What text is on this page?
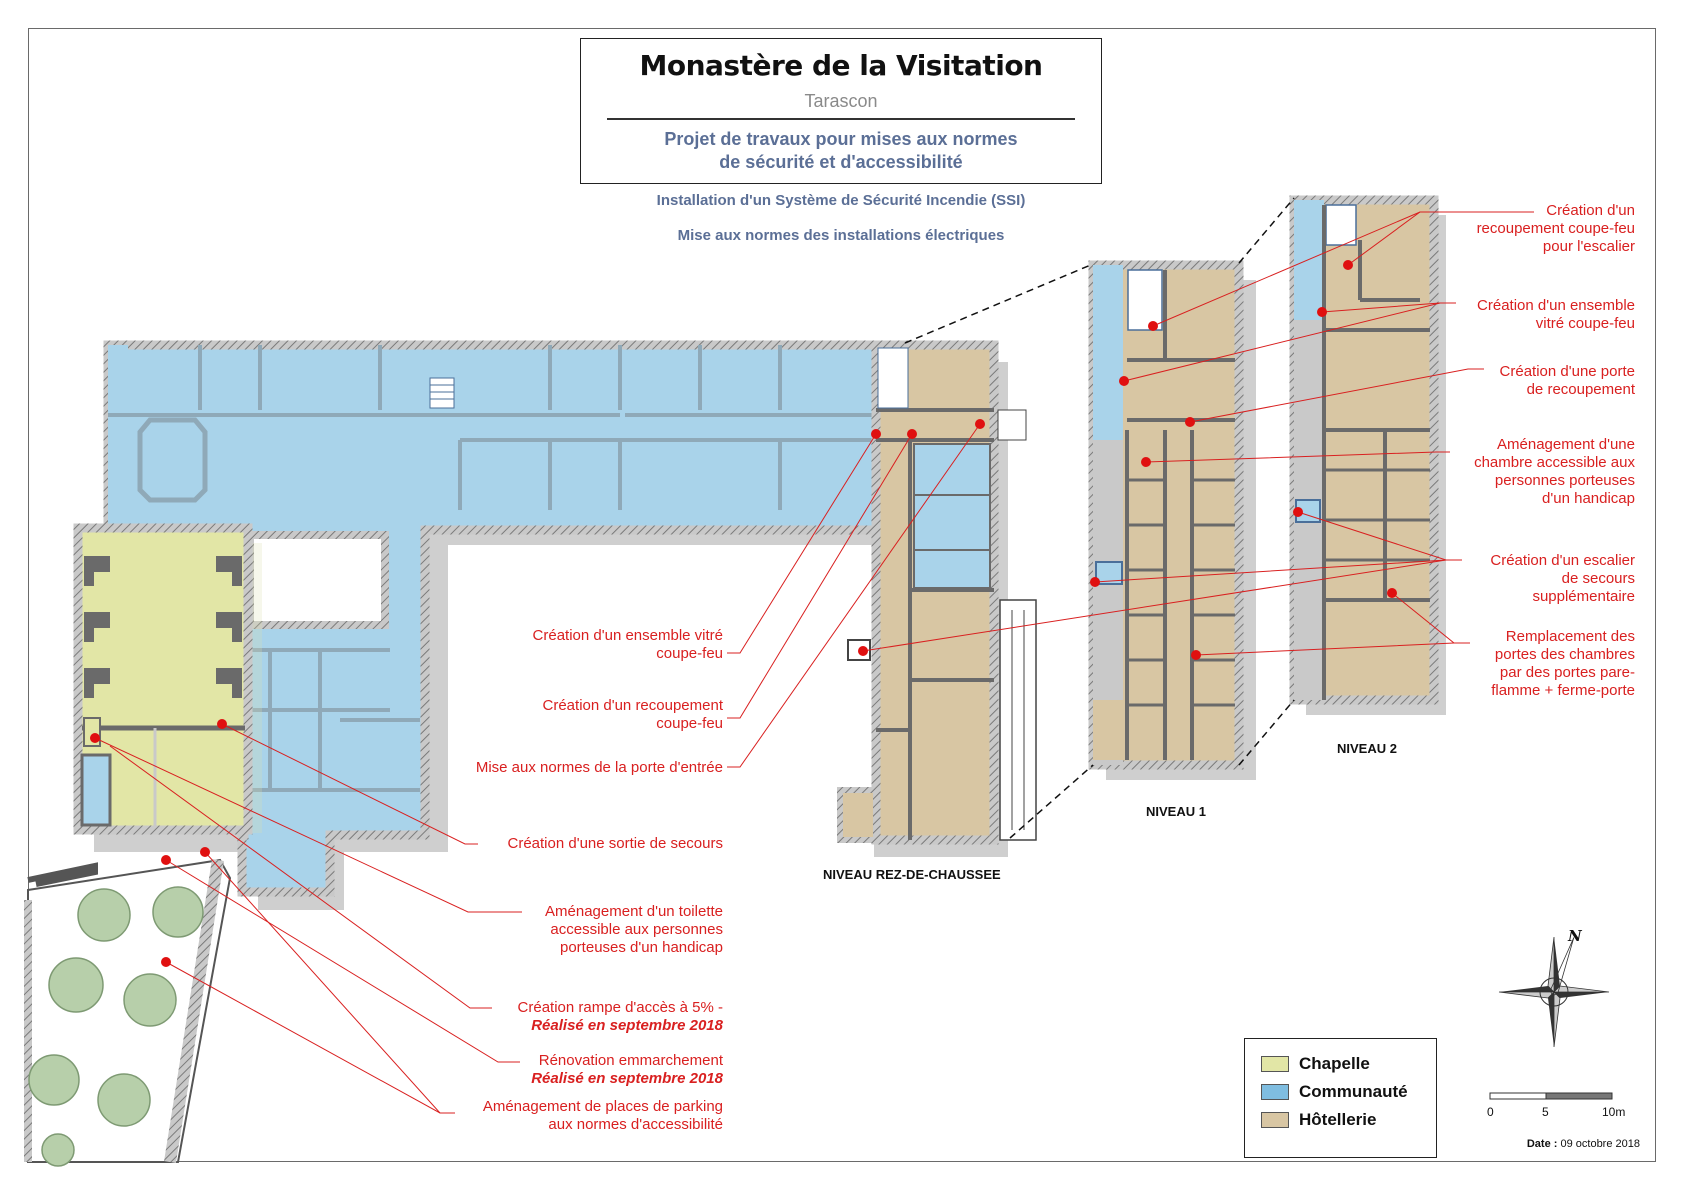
Monastère de la Visitation
Tarascon
Projet de travaux pour mises aux normes
de sécurité et d'accessibilité
Installation d'un Système de Sécurité Incendie (SSI)
Mise aux normes des installations électriques
NIVEAU REZ-DE-CHAUSSEE
NIVEAU 1
NIVEAU 2
Création d'un ensemble vitré
coupe-feu
Création d'un recoupement
coupe-feu
Mise aux normes de la porte d'entrée
Création d'une sortie de secours
Aménagement d'un toilette
accessible aux personnes
porteuses d'un handicap
Création rampe d'accès à 5% -
Réalisé en septembre 2018
Rénovation emmarchement
Réalisé en septembre 2018
Aménagement de places de parking
aux normes d'accessibilité
Création d'un
recoupement coupe-feu
pour l'escalier
Création d'un ensemble
vitré coupe-feu
Création d'une porte
de recoupement
Aménagement d'une
chambre accessible aux
personnes porteuses
d'un handicap
Création d'un escalier
de secours
supplémentaire
Remplacement des
portes des chambres
par des portes pare-
flamme + ferme-porte
N
0	5	10m
Chapelle
Communauté
Hôtellerie
Date : 09 octobre 2018
